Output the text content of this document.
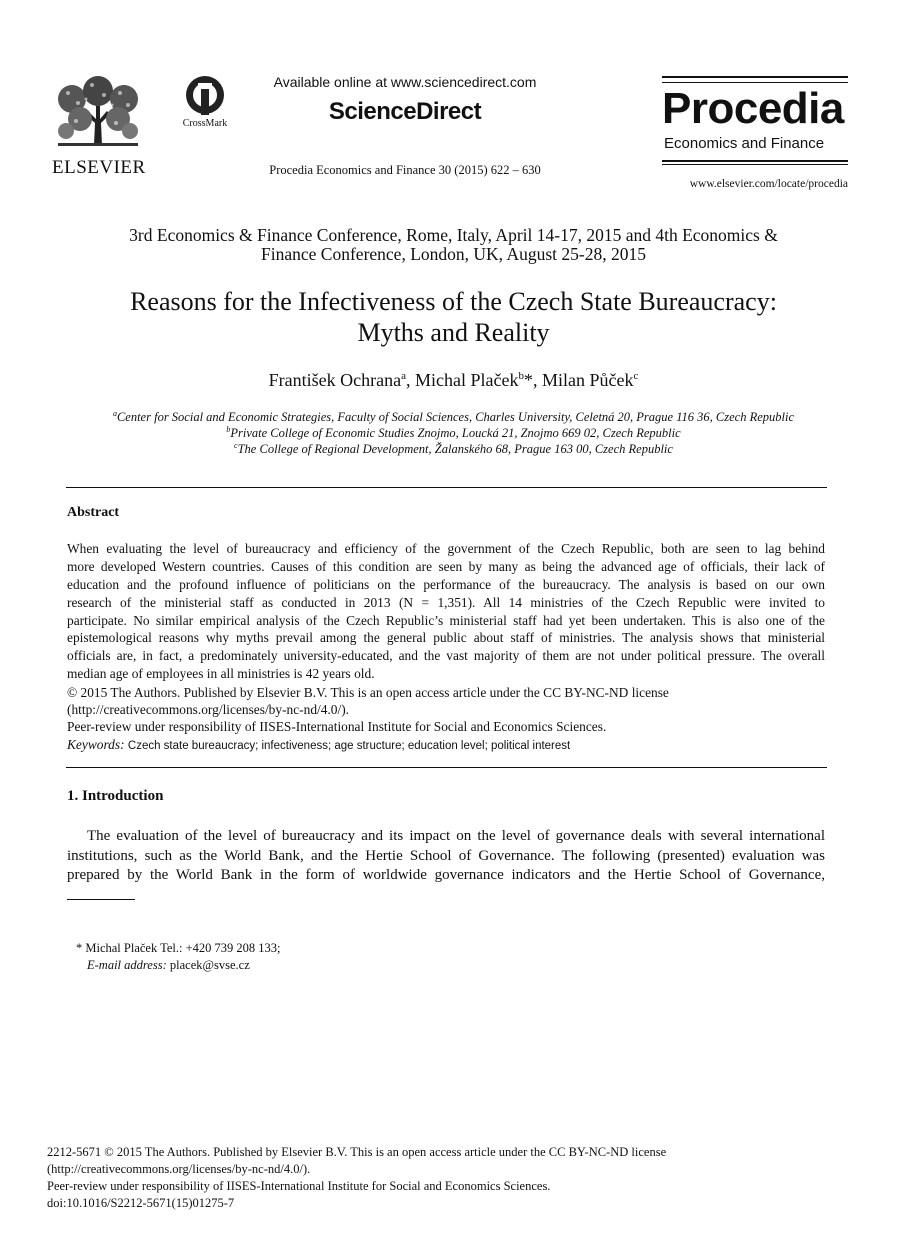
ELSEVIER
CrossMark
Available online at www.sciencedirect.com
ScienceDirect
Procedia Economics and Finance 30 (2015) 622 – 630
Procedia
Economics and Finance
www.elsevier.com/locate/procedia
3rd Economics & Finance Conference, Rome, Italy, April 14-17, 2015 and 4th Economics &
Finance Conference, London, UK, August 25-28, 2015
Reasons for the Infectiveness of the Czech State Bureaucracy:
Myths and Reality
František Ochrana$^a$, Michal Plaček$^b$*, Milan Půček$^c$
$^a$Center for Social and Economic Strategies, Faculty of Social Sciences, Charles University, Celetná 20, Prague 116 36, Czech Republic
$^b$Private College of Economic Studies Znojmo, Loucká 21, Znojmo 669 02, Czech Republic
$^c$The College of Regional Development, Žalanského 68, Prague 163 00, Czech Republic
Abstract
When evaluating the level of bureaucracy and efficiency of the government of the Czech Republic, both are seen to lag behind
more developed Western countries. Causes of this condition are seen by many as being the advanced age of officials, their lack of
education and the profound influence of politicians on the performance of the bureaucracy. The analysis is based on our own
research of the ministerial staff as conducted in 2013 (N = 1,351). All 14 ministries of the Czech Republic were invited to
participate. No similar empirical analysis of the Czech Republic’s ministerial staff had yet been undertaken. This is also one of the
epistemological reasons why myths prevail among the general public about staff of ministries. The analysis shows that ministerial
officials are, in fact, a predominately university-educated, and the vast majority of them are not under political pressure. The overall
median age of employees in all ministries is 42 years old.
© 2015 The Authors. Published by Elsevier B.V. This is an open access article under the CC BY-NC-ND license
(http://creativecommons.org/licenses/by-nc-nd/4.0/).
Peer-review under responsibility of IISES-International Institute for Social and Economics Sciences.
Keywords: Czech state bureaucracy; infectiveness; age structure; education level; political interest
1. Introduction
The evaluation of the level of bureaucracy and its impact on the level of governance deals with several international
institutions, such as the World Bank, and the Hertie School of Governance. The following (presented) evaluation was
prepared by the World Bank in the form of worldwide governance indicators and the Hertie School of Governance,
* Michal Plaček Tel.: +420 739 208 133;
E-mail address: placek@svse.cz
2212-5671 © 2015 The Authors. Published by Elsevier B.V. This is an open access article under the CC BY-NC-ND license
(http://creativecommons.org/licenses/by-nc-nd/4.0/).
Peer-review under responsibility of IISES-International Institute for Social and Economics Sciences.
doi:10.1016/S2212-5671(15)01275-7
